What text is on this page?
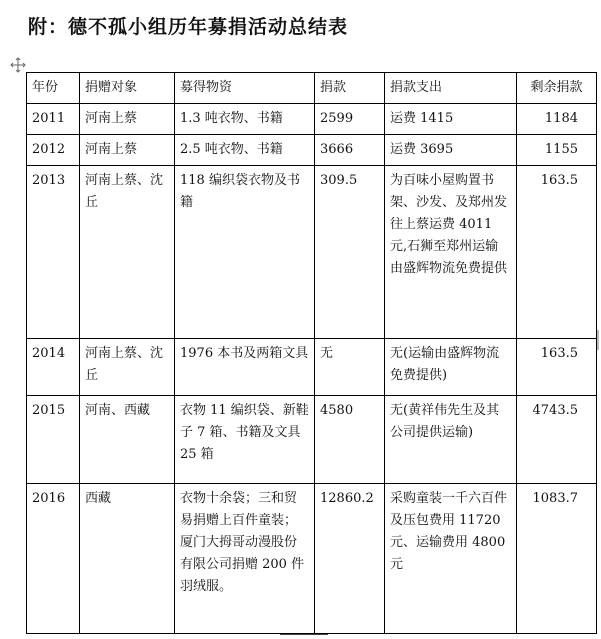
附：德不孤小组历年募捐活动总结表
年份	捐赠对象	募得物资	捐款	捐款支出	剩余捐款
2011	河南上蔡	1.3 吨衣物、书籍	2599	运费 1415	1184
2012	河南上蔡	2.5 吨衣物、书籍	3666	运费 3695	1155
2013	河南上蔡、沈丘	118 编织袋衣物及书籍	309.5	为百味小屋购置书架、沙发、及郑州发往上蔡运费 4011 元,石狮至郑州运输由盛辉物流免费提供	163.5
2014	河南上蔡、沈丘	1976 本书及两箱文具	无	无(运输由盛辉物流免费提供)	163.5
2015	河南、西藏	衣物 11 编织袋、新鞋子 7 箱、书籍及文具 25 箱	4580	无(黄祥伟先生及其公司提供运输)	4743.5
2016	西藏	衣物十余袋；三和贸易捐赠上百件童装；厦门大拇哥动漫股份有限公司捐赠 200 件羽绒服。	12860.2	采购童装一千六百件及压包费用 11720 元、运输费用 4800 元	1083.7
